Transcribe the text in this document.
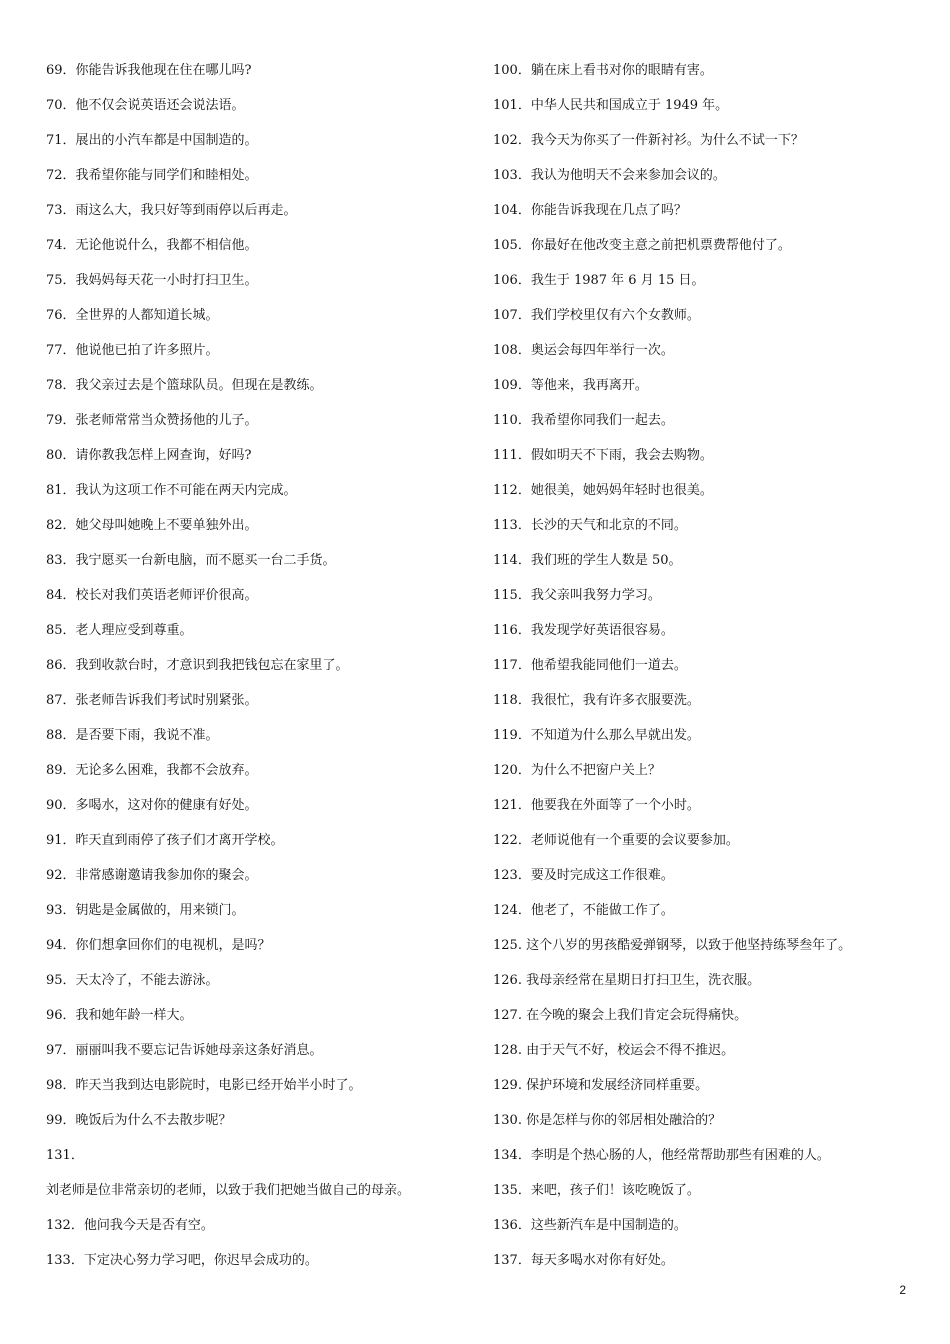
69．你能告诉我他现在住在哪儿吗?
70．他不仅会说英语还会说法语。
71．展出的小汽车都是中国制造的。
72．我希望你能与同学们和睦相处。
73．雨这么大，我只好等到雨停以后再走。
74．无论他说什么，我都不相信他。
75．我妈妈每天花一小时打扫卫生。
76．全世界的人都知道长城。
77．他说他已拍了许多照片。
78．我父亲过去是个篮球队员。但现在是教练。
79．张老师常常当众赞扬他的儿子。
80．请你教我怎样上网查询，好吗?
81．我认为这项工作不可能在两天内完成。
82．她父母叫她晚上不要单独外出。
83．我宁愿买一台新电脑，而不愿买一台二手货。
84．校长对我们英语老师评价很高。
85．老人理应受到尊重。
86．我到收款台时，才意识到我把钱包忘在家里了。
87．张老师告诉我们考试时别紧张。
88．是否要下雨，我说不准。
89．无论多么困难，我都不会放弃。
90．多喝水，这对你的健康有好处。
91．昨天直到雨停了孩子们才离开学校。
92．非常感谢邀请我参加你的聚会。
93．钥匙是金属做的，用来锁门。
94．你们想拿回你们的电视机，是吗？
95．天太冷了，不能去游泳。
96．我和她年龄一样大。
97．丽丽叫我不要忘记告诉她母亲这条好消息。
98．昨天当我到达电影院时，电影已经开始半小时了。
99．晚饭后为什么不去散步呢？
131．
刘老师是位非常亲切的老师，以致于我们把她当做自己的母亲。
132．他问我今天是否有空。
133．下定决心努力学习吧，你迟早会成功的。
100．躺在床上看书对你的眼睛有害。
101．中华人民共和国成立于 1949 年。
102．我今天为你买了一件新衬衫。为什么不试一下？
103．我认为他明天不会来参加会议的。
104．你能告诉我现在几点了吗？
105．你最好在他改变主意之前把机票费帮他付了。
106．我生于 1987 年 6 月 15 日。
107．我们学校里仅有六个女教师。
108．奥运会每四年举行一次。
109．等他来，我再离开。
110．我希望你同我们一起去。
111．假如明天不下雨，我会去购物。
112．她很美，她妈妈年轻时也很美。
113．长沙的天气和北京的不同。
114．我们班的学生人数是 50。
115．我父亲叫我努力学习。
116．我发现学好英语很容易。
117．他希望我能同他们一道去。
118．我很忙，我有许多衣服要洗。
119．不知道为什么那么早就出发。
120．为什么不把窗户关上？
121．他要我在外面等了一个小时。
122．老师说他有一个重要的会议要参加。
123．要及时完成这工作很难。
124．他老了，不能做工作了。
125. 这个八岁的男孩酷爱弹钢琴，以致于他坚持练琴叁年了。
126. 我母亲经常在星期日打扫卫生，洗衣服。
127. 在今晚的聚会上我们肯定会玩得痛快。
128. 由于天气不好，校运会不得不推迟。
129. 保护环境和发展经济同样重要。
130. 你是怎样与你的邻居相处融洽的？
134．李明是个热心肠的人，他经常帮助那些有困难的人。
135．来吧，孩子们！该吃晚饭了。
136．这些新汽车是中国制造的。
137．每天多喝水对你有好处。
2
